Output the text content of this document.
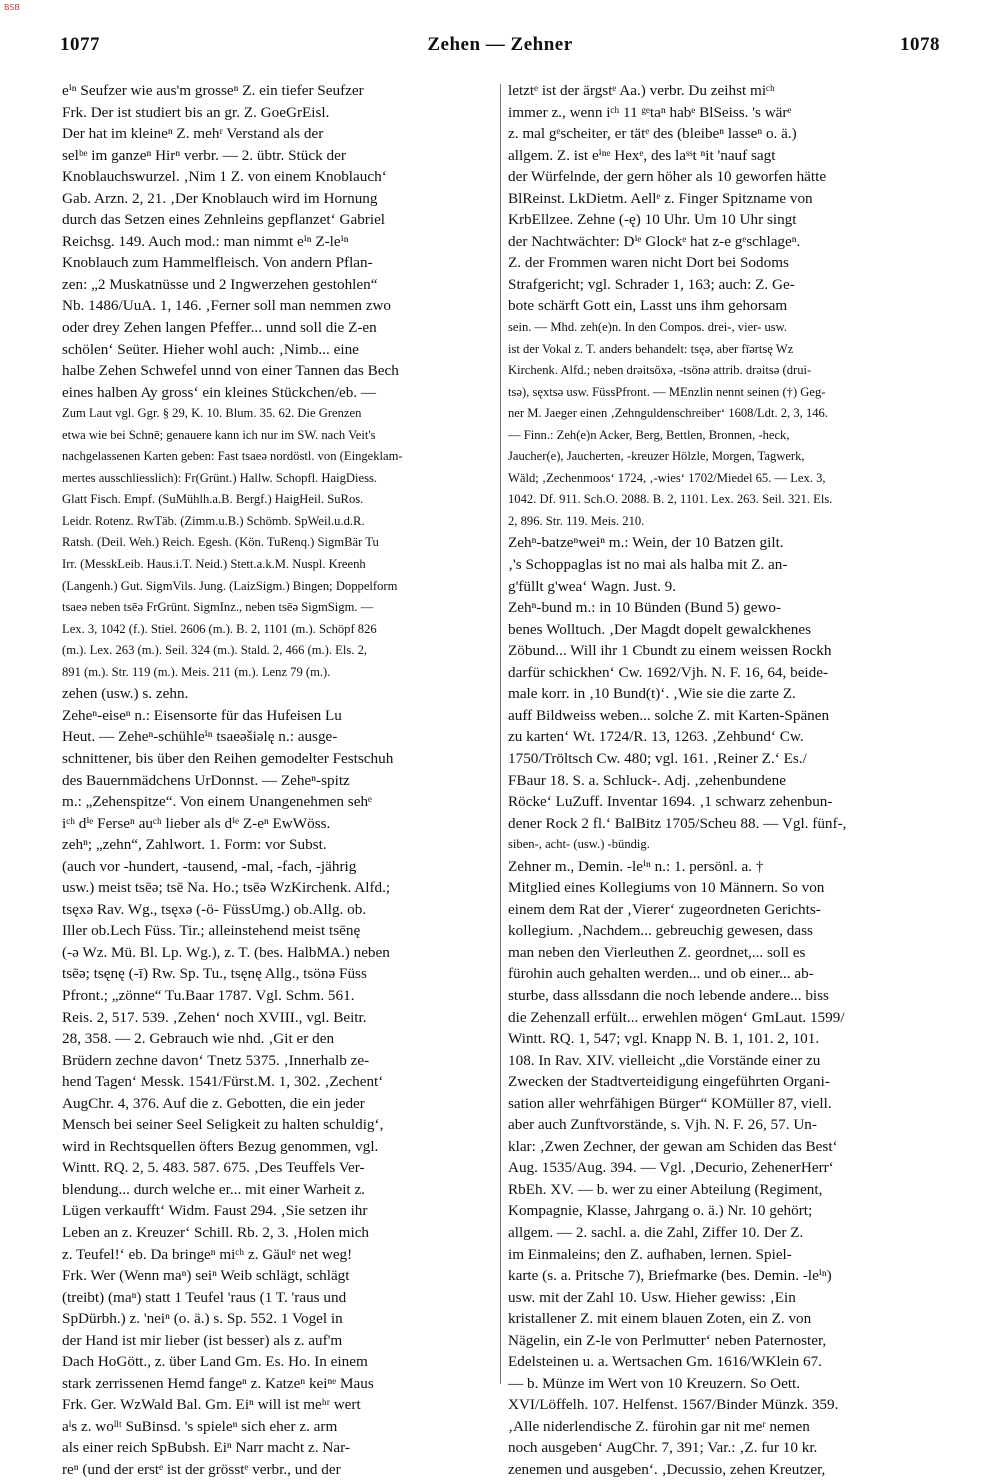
BSB
1077	Zehen — Zehner	1078
eⁱⁿ Seufzer wie aus'm grosseⁿ Z. ein tiefer Seufzer
Frk. Der ist studiert bis an gr. Z. GoeGrEisl.
Der hat im kleineⁿ Z. mehʳ Verstand als der
selᵇᵉ im ganzeⁿ Hirⁿ verbr. — 2. übtr. Stück der
Knoblauchswurzel. ‚Nim 1 Z. von einem Knoblauch‘
Gab. Arzn. 2, 21. ‚Der Knoblauch wird im Hornung
durch das Setzen eines Zehnleins gepflanzet‘ Gabriel
Reichsg. 149. Auch mod.: man nimmt eⁱⁿ Z-leⁱⁿ
Knoblauch zum Hammelfleisch. Von andern Pflan-
zen: „2 Muskatnüsse und 2 Ingwerzehen gestohlen“
Nb. 1486/UuA. 1, 146. ‚Ferner soll man nemmen zwo
oder drey Zehen langen Pfeffer... unnd soll die Z-en
schölen‘ Seüter. Hieher wohl auch: ‚Nimb... eine
halbe Zehen Schwefel unnd von einer Tannen das Bech
eines halben Ay gross‘ ein kleines Stückchen/eb. —
Zum Laut vgl. Ggr. § 29, K. 10. Blum. 35. 62. Die Grenzen
etwa wie bei Schnē; genauere kann ich nur im SW. nach Veit's
nachgelassenen Karten geben: Fast tsaeə nordöstl. von (Eingeklam-
mertes ausschliesslich): Fr(Grünt.) Hallw. Schopfl. HaigDiess.
Glatt Fisch. Empf. (SuMühlh.a.B. Bergf.) HaigHeil. SuRos.
Leidr. Rotenz. RwTäb. (Zimm.u.B.) Schömb. SpWeil.u.d.R.
Ratsh. (Deil. Weh.) Reich. Egesh. (Kön. TuRenq.) SigmBär Tu
Irr. (MesskLeib. Haus.i.T. Neid.) Stett.a.k.M. Nuspl. Kreenh
(Langenh.) Gut. SigmVils. Jung. (LaizSigm.) Bingen; Doppelform
tsaeə neben tsēə FrGrünt. SigmInz., neben tsēə SigmSigm. —
Lex. 3, 1042 (f.). Stiel. 2606 (m.). B. 2, 1101 (m.). Schöpf 826
(m.). Lex. 263 (m.). Seil. 324 (m.). Stald. 2, 466 (m.). Els. 2,
891 (m.). Str. 119 (m.). Meis. 211 (m.). Lenz 79 (m.).
zehen (usw.) s. zehn.
Zeheⁿ-eiseⁿ n.: Eisensorte für das Hufeisen Lu
Heut. — Zeheⁿ-schühleⁱⁿ tsaeəšiəlę n.: ausge-
schnittener, bis über den Reihen gemodelter Festschuh
des Bauernmädchens UrDonnst. — Zeheⁿ-spitz
m.: „Zehenspitze“. Von einem Unangenehmen sehᵉ
iᶜʰ dⁱᵉ Ferseⁿ auᶜʰ lieber als dⁱᵉ Z-eⁿ EwWöss.
zehⁿ; „zehn“, Zahlwort. 1. Form: vor Subst.
(auch vor -hundert, -tausend, -mal, -fach, -jährig
usw.) meist tsēə; tsē Na. Ho.; tsēə WzKirchenk. Alfd.;
tsęxə Rav. Wg., tsęxə (-ö- FüssUmg.) ob.Allg. ob.
Iller ob.Lech Füss. Tir.; alleinstehend meist tsēnę
(-ə Wz. Mü. Bl. Lp. Wg.), z. T. (bes. HalbMA.) neben
tsēə; tsęnę (-ī) Rw. Sp. Tu., tsęnę Allg., tsönə Füss
Pfront.; „zönne“ Tu.Baar 1787. Vgl. Schm. 561.
Reis. 2, 517. 539. ‚Zehen‘ noch XVIII., vgl. Beitr.
28, 358. — 2. Gebrauch wie nhd. ‚Git er den
Brüdern zechne davon‘ Tnetz 5375. ‚Innerhalb ze-
hend Tagen‘ Messk. 1541/Fürst.M. 1, 302. ‚Zechent‘
AugChr. 4, 376. Auf die z. Gebotten, die ein jeder
Mensch bei seiner Seel Seligkeit zu halten schuldig‘,
wird in Rechtsquellen öfters Bezug genommen, vgl.
Wintt. RQ. 2, 5. 483. 587. 675. ‚Des Teuffels Ver-
blendung... durch welche er... mit einer Warheit z.
Lügen verkaufft‘ Widm. Faust 294. ‚Sie setzen ihr
Leben an z. Kreuzer‘ Schill. Rb. 2, 3. ‚Holen mich
z. Teufel!‘ eb. Da bringeⁿ miᶜʰ z. Gäulᵉ net weg!
Frk. Wer (Wenn maⁿ) seiⁿ Weib schlägt, schlägt
(treibt) (maⁿ) statt 1 Teufel 'raus (1 T. 'raus und
SpDürbh.) z. 'neiⁿ (o. ä.) s. Sp. 552. 1 Vogel in
der Hand ist mir lieber (ist besser) als z. auf'm
Dach HoGött., z. über Land Gm. Es. Ho. In einem
stark zerrissenen Hemd fangeⁿ z. Katzeⁿ keiⁿᵉ Maus
Frk. Ger. WzWald Bal. Gm. Eiⁿ will ist meʰʳ wert
aˡs z. woˡˡᵗ SuBinsd. 's spieleⁿ sich eher z. arm
als einer reich SpBubsh. Eiⁿ Narr macht z. Nar-
reⁿ (und der erstᵉ ist der grösstᵉ verbr., und der
letztᵉ ist der ärgstᵉ Aa.) verbr. Du zeihst miᶜʰ
immer z., wenn iᶜʰ 11 ᵍᵉtaⁿ habᵉ BlSeiss. 's wärᵉ
z. mal gᵉscheiter, er tätᵉ des (bleibeⁿ lasseⁿ o. ä.)
allgem. Z. ist eⁱⁿᵉ Hexᵉ, des laˢˢt ⁿit 'nauf sagt
der Würfelnde, der gern höher als 10 geworfen hätte
BlReinst. LkDietm. Aellᵉ z. Finger Spitzname von
KrbEllzee. Zehne (-ę) 10 Uhr. Um 10 Uhr singt
der Nachtwächter: Dⁱᵉ Glockᵉ hat z-e gᵉschlageⁿ.
Z. der Frommen waren nicht Dort bei Sodoms
Strafgericht; vgl. Schrader 1, 163; auch: Z. Ge-
bote schärft Gott ein, Lasst uns ihm gehorsam
sein. — Mhd. zeh(e)n. In den Compos. drei-, vier- usw.
ist der Vokal z. T. anders behandelt: tsęə, aber fīərtsę Wz
Kirchenk. Alfd.; neben drəitsöxə, -tsönə attrib. drəitsə (drui-
tsə), sęxtsə usw. FüssPfront. — MEnzlin nennt seinen (†) Geg-
ner M. Jaeger einen ‚Zehnguldenschreiber‘ 1608/Ldt. 2, 3, 146.
— Finn.: Zeh(e)n Acker, Berg, Bettlen, Bronnen, -heck,
Jaucher(e), Jaucherten, -kreuzer Hölzle, Morgen, Tagwerk,
Wäld; ‚Zechenmoos‘ 1724, ‚-wies‘ 1702/Miedel 65. — Lex. 3,
1042. Df. 911. Sch.O. 2088. B. 2, 1101. Lex. 263. Seil. 321. Els.
2, 896. Str. 119. Meis. 210.
Zehⁿ-batzeⁿweiⁿ m.: Wein, der 10 Batzen gilt.
‚'s Schoppaglas ist no mai als halba mit Z. an-
g'füllt g'wea‘ Wagn. Just. 9.
Zehⁿ-bund m.: in 10 Bünden (Bund 5) gewo-
benes Wolltuch. ‚Der Magdt dopelt gewalckhenes
Zöbund... Will ihr 1 Cbundt zu einem weissen Rockh
darfür schickhen‘ Cw. 1692/Vjh. N. F. 16, 64, beide-
male korr. in ‚10 Bund(t)‘. ‚Wie sie die zarte Z.
auff Bildweiss weben... solche Z. mit Karten-Spänen
zu karten‘ Wt. 1724/R. 13, 1263. ‚Zehbund‘ Cw.
1750/Tröltsch Cw. 480; vgl. 161. ‚Reiner Z.‘ Es./
FBaur 18. S. a. Schluck-. Adj. ‚zehenbundene
Röcke‘ LuZuff. Inventar 1694. ‚1 schwarz zehenbun-
dener Rock 2 fl.‘ BalBitz 1705/Scheu 88. — Vgl. fünf-,
siben-, acht- (usw.) -bündig.
Zehner m., Demin. -leⁱⁿ n.: 1. persönl. a. †
Mitglied eines Kollegiums von 10 Männern. So von
einem dem Rat der ‚Vierer‘ zugeordneten Gerichts-
kollegium. ‚Nachdem... gebreuchig gewesen, dass
man neben den Vierleuthen Z. geordnet,... soll es
fürohin auch gehalten werden... und ob einer... ab-
sturbe, dass allssdann die noch lebende andere... biss
die Zehenzall erfült... erwehlen mögen‘ GmLaut. 1599/
Wintt. RQ. 1, 547; vgl. Knapp N. B. 1, 101. 2, 101.
108. In Rav. XIV. vielleicht „die Vorstände einer zu
Zwecken der Stadtverteidigung eingeführten Organi-
sation aller wehrfähigen Bürger“ KOMüller 87, viell.
aber auch Zunftvorstände, s. Vjh. N. F. 26, 57. Un-
klar: ‚Zwen Zechner, der gewan am Schiden das Best‘
Aug. 1535/Aug. 394. — Vgl. ‚Decurio, ZehenerHerr‘
RbEh. XV. — b. wer zu einer Abteilung (Regiment,
Kompagnie, Klasse, Jahrgang o. ä.) Nr. 10 gehört;
allgem. — 2. sachl. a. die Zahl, Ziffer 10. Der Z.
im Einmaleins; den Z. aufhaben, lernen. Spiel-
karte (s. a. Pritsche 7), Briefmarke (bes. Demin. -leⁱⁿ)
usw. mit der Zahl 10. Usw. Hieher gewiss: ‚Ein
kristallener Z. mit einem blauen Zoten, ein Z. von
Nägelin, ein Z-le von Perlmutter‘ neben Paternoster,
Edelsteinen u. a. Wertsachen Gm. 1616/WKlein 67.
— b. Münze im Wert von 10 Kreuzern. So Oett.
XVI/Löffelh. 107. Helfenst. 1567/Binder Münzk. 359.
‚Alle niderlendische Z. fürohin gar nit meʳ nemen
noch ausgeben‘ AugChr. 7, 391; Var.: ‚Z. fur 10 kr.
zenemen und ausgeben‘. ‚Decussio, zehen Kreutzer,
